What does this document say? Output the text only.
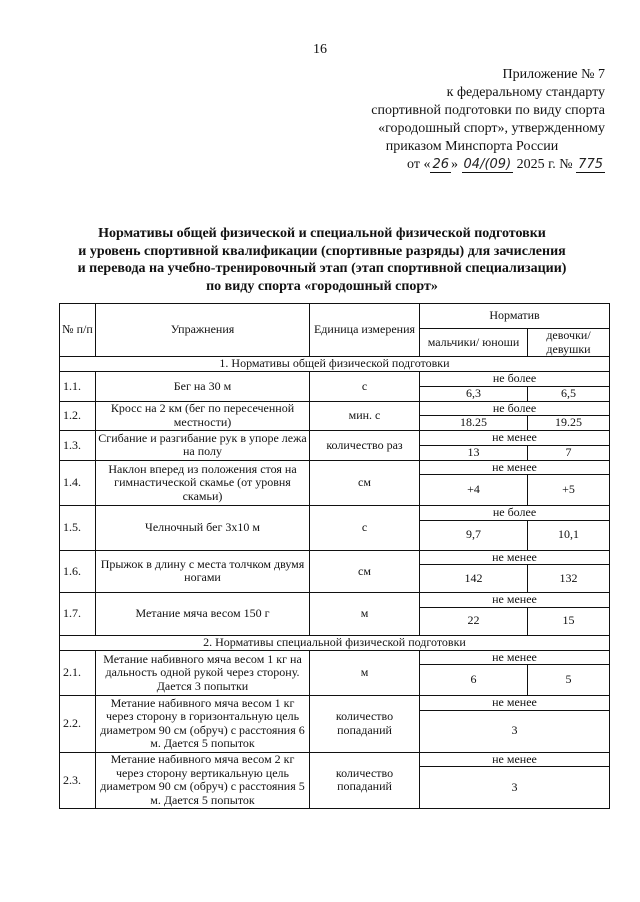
16
Приложение № 7
к федеральному стандарту
спортивной подготовки по виду спорта
«городошный спорт», утвержденному
приказом Минспорта России
от « 26 » 04/(09) 2025 г. № 775
Нормативы общей физической и специальной физической подготовки
и уровень спортивной квалификации (спортивные разряды) для зачисления
и перевода на учебно-тренировочный этап (этап спортивной специализации)
по виду спорта «городошный спорт»
№ п/п	Упражнения	Единица измерения	Норматив	
			мальчики/ юноши	девочки/ девушки
1. Нормативы общей физической подготовки				
1.1.	Бег на 30 м	с	не более	
			6,3	6,5
1.2.	Кросс на 2 км (бег по пересеченной местности)	мин. с	не более	
			18.25	19.25
1.3.	Сгибание и разгибание рук в упоре лежа на полу	количество раз	не менее	
			13	7
1.4.	Наклон вперед из положения стоя на гимнастической скамье (от уровня скамьи)	см	не менее	
			+4	+5
1.5.	Челночный бег 3х10 м	с	не более	
			9,7	10,1
1.6.	Прыжок в длину с места толчком двумя ногами	см	не менее	
			142	132
1.7.	Метание мяча весом 150 г	м	не менее	
			22	15
2. Нормативы специальной физической подготовки				
2.1.	Метание набивного мяча весом 1 кг на дальность одной рукой через сторону. Дается 3 попытки	м	не менее	
			6	5
2.2.	Метание набивного мяча весом 1 кг через сторону в горизонтальную цель диаметром 90 см (обруч) с расстояния 6 м. Дается 5 попыток	количество попаданий	не менее	
			3	
2.3.	Метание набивного мяча весом 2 кг через сторону вертикальную цель диаметром 90 см (обруч) с расстояния 5 м. Дается 5 попыток	количество попаданий	не менее	
			3	
